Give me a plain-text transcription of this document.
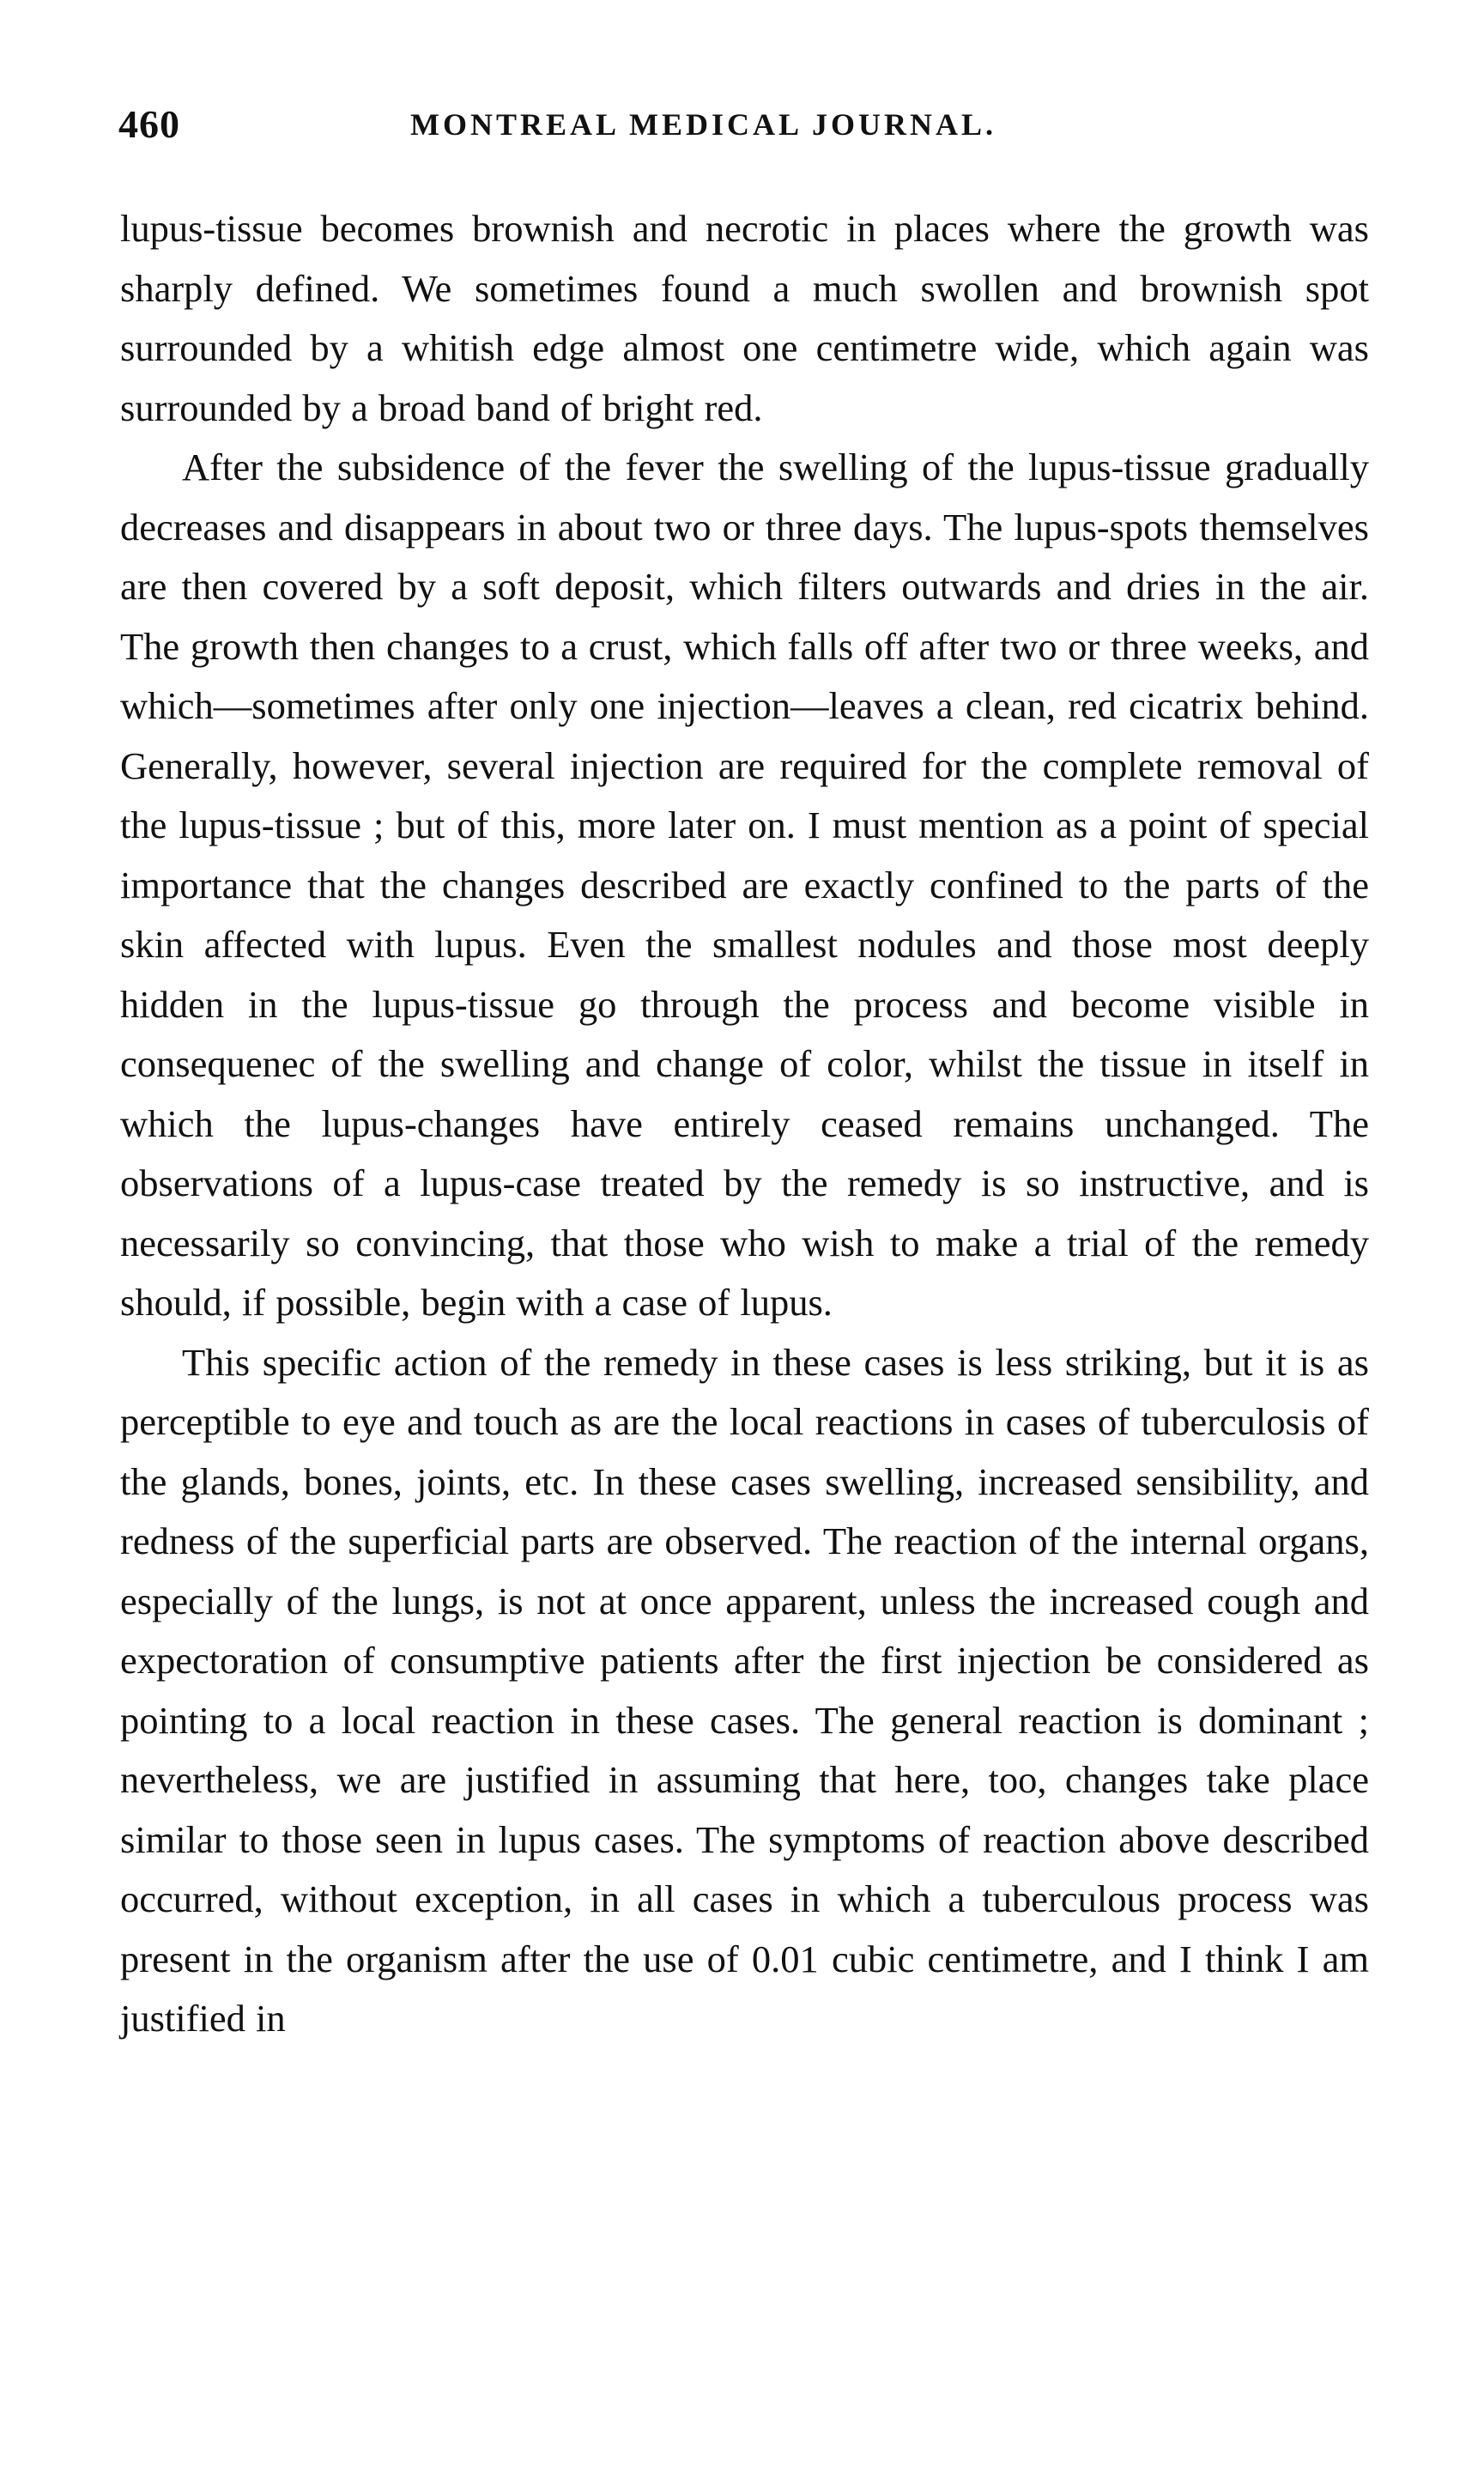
460	MONTREAL MEDICAL JOURNAL.

lupus-tissue becomes brownish and necrotic in places where the growth was sharply defined. We sometimes found a much swollen and brownish spot surrounded by a whitish edge almost one centimetre wide, which again was surrounded by a broad band of bright red.

After the subsidence of the fever the swelling of the lupus-tissue gradually decreases and disappears in about two or three days. The lupus-spots themselves are then covered by a soft deposit, which filters outwards and dries in the air. The growth then changes to a crust, which falls off after two or three weeks, and which—sometimes after only one injection—leaves a clean, red cicatrix behind. Generally, however, several injection are required for the complete removal of the lupus-tissue ; but of this, more later on. I must mention as a point of special importance that the changes described are exactly confined to the parts of the skin affected with lupus. Even the smallest nodules and those most deeply hidden in the lupus-tissue go through the process and become visible in consequenec of the swelling and change of color, whilst the tissue in itself in which the lupus-changes have entirely ceased remains unchanged. The observations of a lupus-case treated by the remedy is so instructive, and is necessarily so convincing, that those who wish to make a trial of the remedy should, if possible, begin with a case of lupus.

This specific action of the remedy in these cases is less striking, but it is as perceptible to eye and touch as are the local reactions in cases of tuberculosis of the glands, bones, joints, etc. In these cases swelling, increased sensibility, and redness of the superficial parts are observed. The reaction of the internal organs, especially of the lungs, is not at once apparent, unless the increased cough and expectoration of consumptive patients after the first injection be considered as pointing to a local reaction in these cases. The general reaction is dominant ; nevertheless, we are justified in assuming that here, too, changes take place similar to those seen in lupus cases. The symptoms of reaction above described occurred, without exception, in all cases in which a tuberculous process was present in the organism after the use of 0.01 cubic centimetre, and I think I am justified in
